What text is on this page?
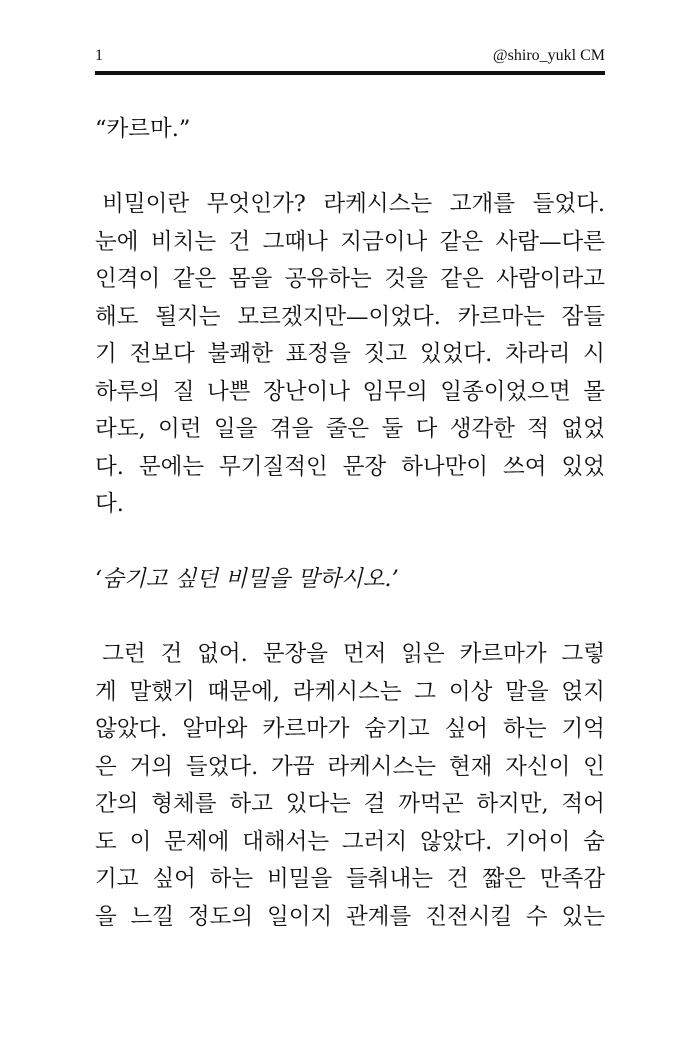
1	@shiro_yukl CM

“카르마.”

비밀이란 무엇인가? 라케시스는 고개를 들었다.
눈에 비치는 건 그때나 지금이나 같은 사람—다른
인격이 같은 몸을 공유하는 것을 같은 사람이라고
해도 될지는 모르겠지만—이었다. 카르마는 잠들
기 전보다 불쾌한 표정을 짓고 있었다. 차라리 시
하루의 질 나쁜 장난이나 임무의 일종이었으면 몰
라도, 이런 일을 겪을 줄은 둘 다 생각한 적 없었
다. 문에는 무기질적인 문장 하나만이 쓰여 있었
다.

‘숨기고 싶던 비밀을 말하시오.’

그런 건 없어. 문장을 먼저 읽은 카르마가 그렇
게 말했기 때문에, 라케시스는 그 이상 말을 얹지
않았다. 알마와 카르마가 숨기고 싶어 하는 기억
은 거의 들었다. 가끔 라케시스는 현재 자신이 인
간의 형체를 하고 있다는 걸 까먹곤 하지만, 적어
도 이 문제에 대해서는 그러지 않았다. 기어이 숨
기고 싶어 하는 비밀을 들춰내는 건 짧은 만족감
을 느낄 정도의 일이지 관계를 진전시킬 수 있는
